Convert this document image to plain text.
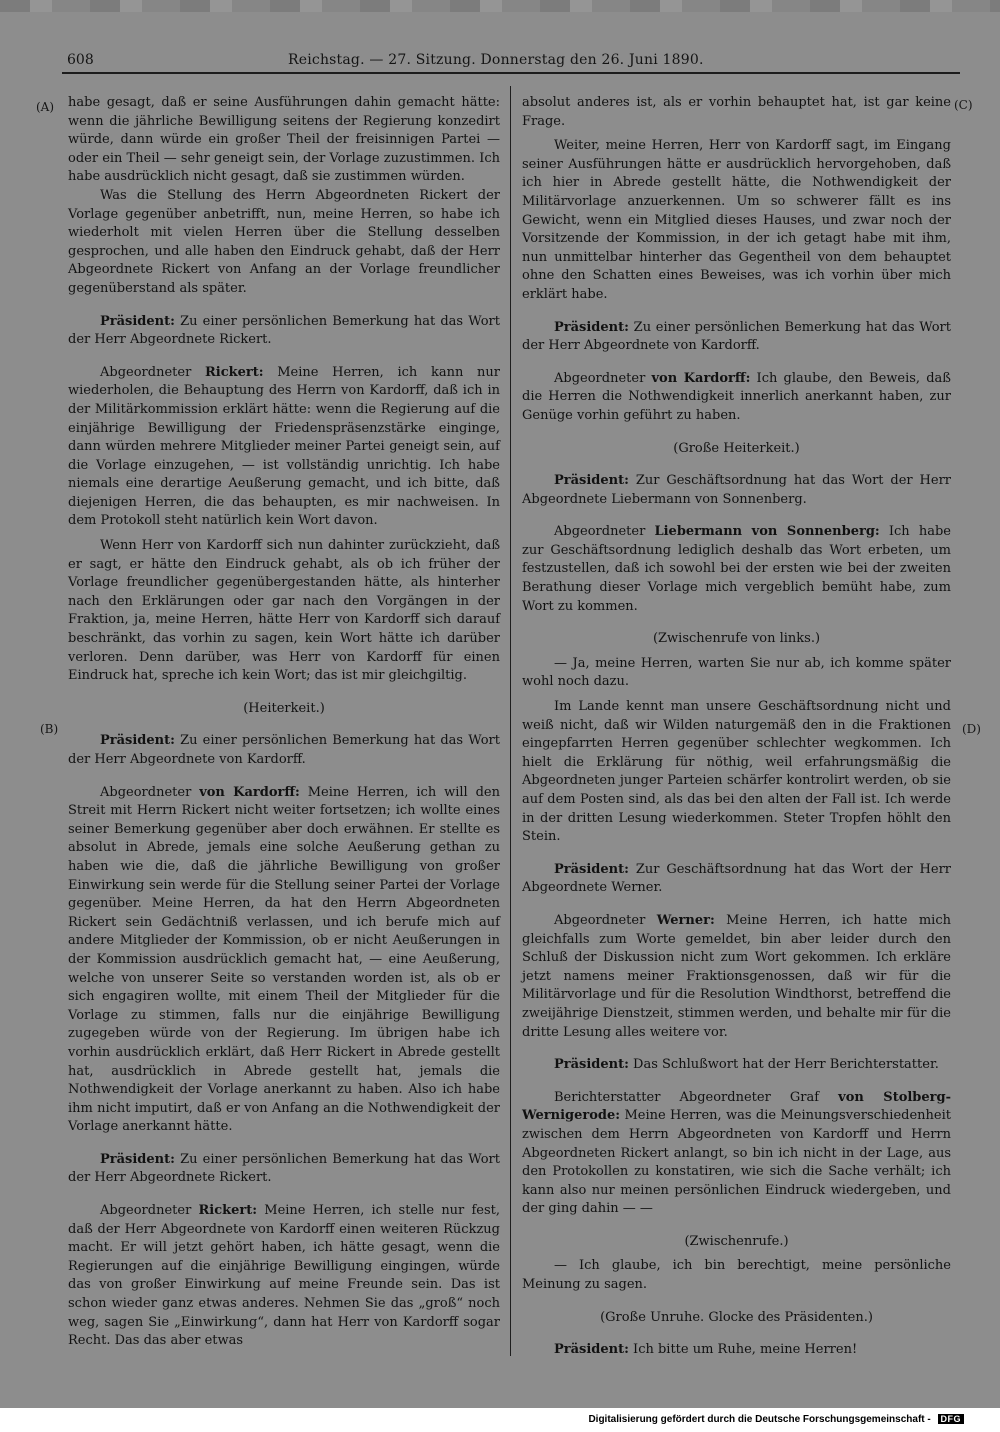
608	Reichstag. — 27. Sitzung. Donnerstag den 26. Juni 1890.
(A)
(B)
(C)
(D)

habe gesagt, daß er seine Ausführungen dahin gemacht hätte: wenn die jährliche Bewilligung seitens der Regierung konzedirt würde, dann würde ein großer Theil der freisinnigen Partei — oder ein Theil — sehr geneigt sein, der Vorlage zuzustimmen. Ich habe ausdrücklich nicht gesagt, daß sie zustimmen würden.

Was die Stellung des Herrn Abgeordneten Rickert der Vorlage gegenüber anbetrifft, nun, meine Herren, so habe ich wiederholt mit vielen Herren über die Stellung desselben gesprochen, und alle haben den Eindruck gehabt, daß der Herr Abgeordnete Rickert von Anfang an der Vorlage freundlicher gegenüberstand als später.

Präsident: Zu einer persönlichen Bemerkung hat das Wort der Herr Abgeordnete Rickert.

Abgeordneter Rickert: Meine Herren, ich kann nur wiederholen, die Behauptung des Herrn von Kardorff, daß ich in der Militärkommission erklärt hätte: wenn die Regierung auf die einjährige Bewilligung der Friedenspräsenzstärke einginge, dann würden mehrere Mitglieder meiner Partei geneigt sein, auf die Vorlage einzugehen, — ist vollständig unrichtig. Ich habe niemals eine derartige Aeußerung gemacht, und ich bitte, daß diejenigen Herren, die das behaupten, es mir nachweisen. In dem Protokoll steht natürlich kein Wort davon.

Wenn Herr von Kardorff sich nun dahinter zurückzieht, daß er sagt, er hätte den Eindruck gehabt, als ob ich früher der Vorlage freundlicher gegenübergestanden hätte, als hinterher nach den Erklärungen oder gar nach den Vorgängen in der Fraktion, ja, meine Herren, hätte Herr von Kardorff sich darauf beschränkt, das vorhin zu sagen, kein Wort hätte ich darüber verloren. Denn darüber, was Herr von Kardorff für einen Eindruck hat, spreche ich kein Wort; das ist mir gleichgiltig.

(Heiterkeit.)

Präsident: Zu einer persönlichen Bemerkung hat das Wort der Herr Abgeordnete von Kardorff.

Abgeordneter von Kardorff: Meine Herren, ich will den Streit mit Herrn Rickert nicht weiter fortsetzen; ich wollte eines seiner Bemerkung gegenüber aber doch erwähnen. Er stellte es absolut in Abrede, jemals eine solche Aeußerung gethan zu haben wie die, daß die jährliche Bewilligung von großer Einwirkung sein werde für die Stellung seiner Partei der Vorlage gegenüber. Meine Herren, da hat den Herrn Abgeordneten Rickert sein Gedächtniß verlassen, und ich berufe mich auf andere Mitglieder der Kommission, ob er nicht Aeußerungen in der Kommission ausdrücklich gemacht hat, — eine Aeußerung, welche von unserer Seite so verstanden worden ist, als ob er sich engagiren wollte, mit einem Theil der Mitglieder für die Vorlage zu stimmen, falls nur die einjährige Bewilligung zugegeben würde von der Regierung. Im übrigen habe ich vorhin ausdrücklich erklärt, daß Herr Rickert in Abrede gestellt hat, ausdrücklich in Abrede gestellt hat, jemals die Nothwendigkeit der Vorlage anerkannt zu haben. Also ich habe ihm nicht imputirt, daß er von Anfang an die Nothwendigkeit der Vorlage anerkannt hätte.

Präsident: Zu einer persönlichen Bemerkung hat das Wort der Herr Abgeordnete Rickert.

Abgeordneter Rickert: Meine Herren, ich stelle nur fest, daß der Herr Abgeordnete von Kardorff einen weiteren Rückzug macht. Er will jetzt gehört haben, ich hätte gesagt, wenn die Regierungen auf die einjährige Bewilligung eingingen, würde das von großer Einwirkung auf meine Freunde sein. Das ist schon wieder ganz etwas anderes. Nehmen Sie das „groß“ noch weg, sagen Sie „Einwirkung“, dann hat Herr von Kardorff sogar Recht. Das das aber etwas

absolut anderes ist, als er vorhin behauptet hat, ist gar keine Frage.

Weiter, meine Herren, Herr von Kardorff sagt, im Eingang seiner Ausführungen hätte er ausdrücklich hervorgehoben, daß ich hier in Abrede gestellt hätte, die Nothwendigkeit der Militärvorlage anzuerkennen. Um so schwerer fällt es ins Gewicht, wenn ein Mitglied dieses Hauses, und zwar noch der Vorsitzende der Kommission, in der ich getagt habe mit ihm, nun unmittelbar hinterher das Gegentheil von dem behauptet ohne den Schatten eines Beweises, was ich vorhin über mich erklärt habe.

Präsident: Zu einer persönlichen Bemerkung hat das Wort der Herr Abgeordnete von Kardorff.

Abgeordneter von Kardorff: Ich glaube, den Beweis, daß die Herren die Nothwendigkeit innerlich anerkannt haben, zur Genüge vorhin geführt zu haben.

(Große Heiterkeit.)

Präsident: Zur Geschäftsordnung hat das Wort der Herr Abgeordnete Liebermann von Sonnenberg.

Abgeordneter Liebermann von Sonnenberg: Ich habe zur Geschäftsordnung lediglich deshalb das Wort erbeten, um festzustellen, daß ich sowohl bei der ersten wie bei der zweiten Berathung dieser Vorlage mich vergeblich bemüht habe, zum Wort zu kommen.

(Zwischenrufe von links.)

— Ja, meine Herren, warten Sie nur ab, ich komme später wohl noch dazu.

Im Lande kennt man unsere Geschäftsordnung nicht und weiß nicht, daß wir Wilden naturgemäß den in die Fraktionen eingepfarrten Herren gegenüber schlechter wegkommen. Ich hielt die Erklärung für nöthig, weil erfahrungsmäßig die Abgeordneten junger Parteien schärfer kontrolirt werden, ob sie auf dem Posten sind, als das bei den alten der Fall ist. Ich werde in der dritten Lesung wiederkommen. Steter Tropfen höhlt den Stein.

Präsident: Zur Geschäftsordnung hat das Wort der Herr Abgeordnete Werner.

Abgeordneter Werner: Meine Herren, ich hatte mich gleichfalls zum Worte gemeldet, bin aber leider durch den Schluß der Diskussion nicht zum Wort gekommen. Ich erkläre jetzt namens meiner Fraktionsgenossen, daß wir für die Militärvorlage und für die Resolution Windthorst, betreffend die zweijährige Dienstzeit, stimmen werden, und behalte mir für die dritte Lesung alles weitere vor.

Präsident: Das Schlußwort hat der Herr Berichterstatter.

Berichterstatter Abgeordneter Graf von Stolberg-Wernigerode: Meine Herren, was die Meinungsverschiedenheit zwischen dem Herrn Abgeordneten von Kardorff und Herrn Abgeordneten Rickert anlangt, so bin ich nicht in der Lage, aus den Protokollen zu konstatiren, wie sich die Sache verhält; ich kann also nur meinen persönlichen Eindruck wiedergeben, und der ging dahin — —

(Zwischenrufe.)

— Ich glaube, ich bin berechtigt, meine persönliche Meinung zu sagen.

(Große Unruhe. Glocke des Präsidenten.)

Präsident: Ich bitte um Ruhe, meine Herren!

Digitalisierung gefördert durch die Deutsche Forschungsgemeinschaft - DFG
